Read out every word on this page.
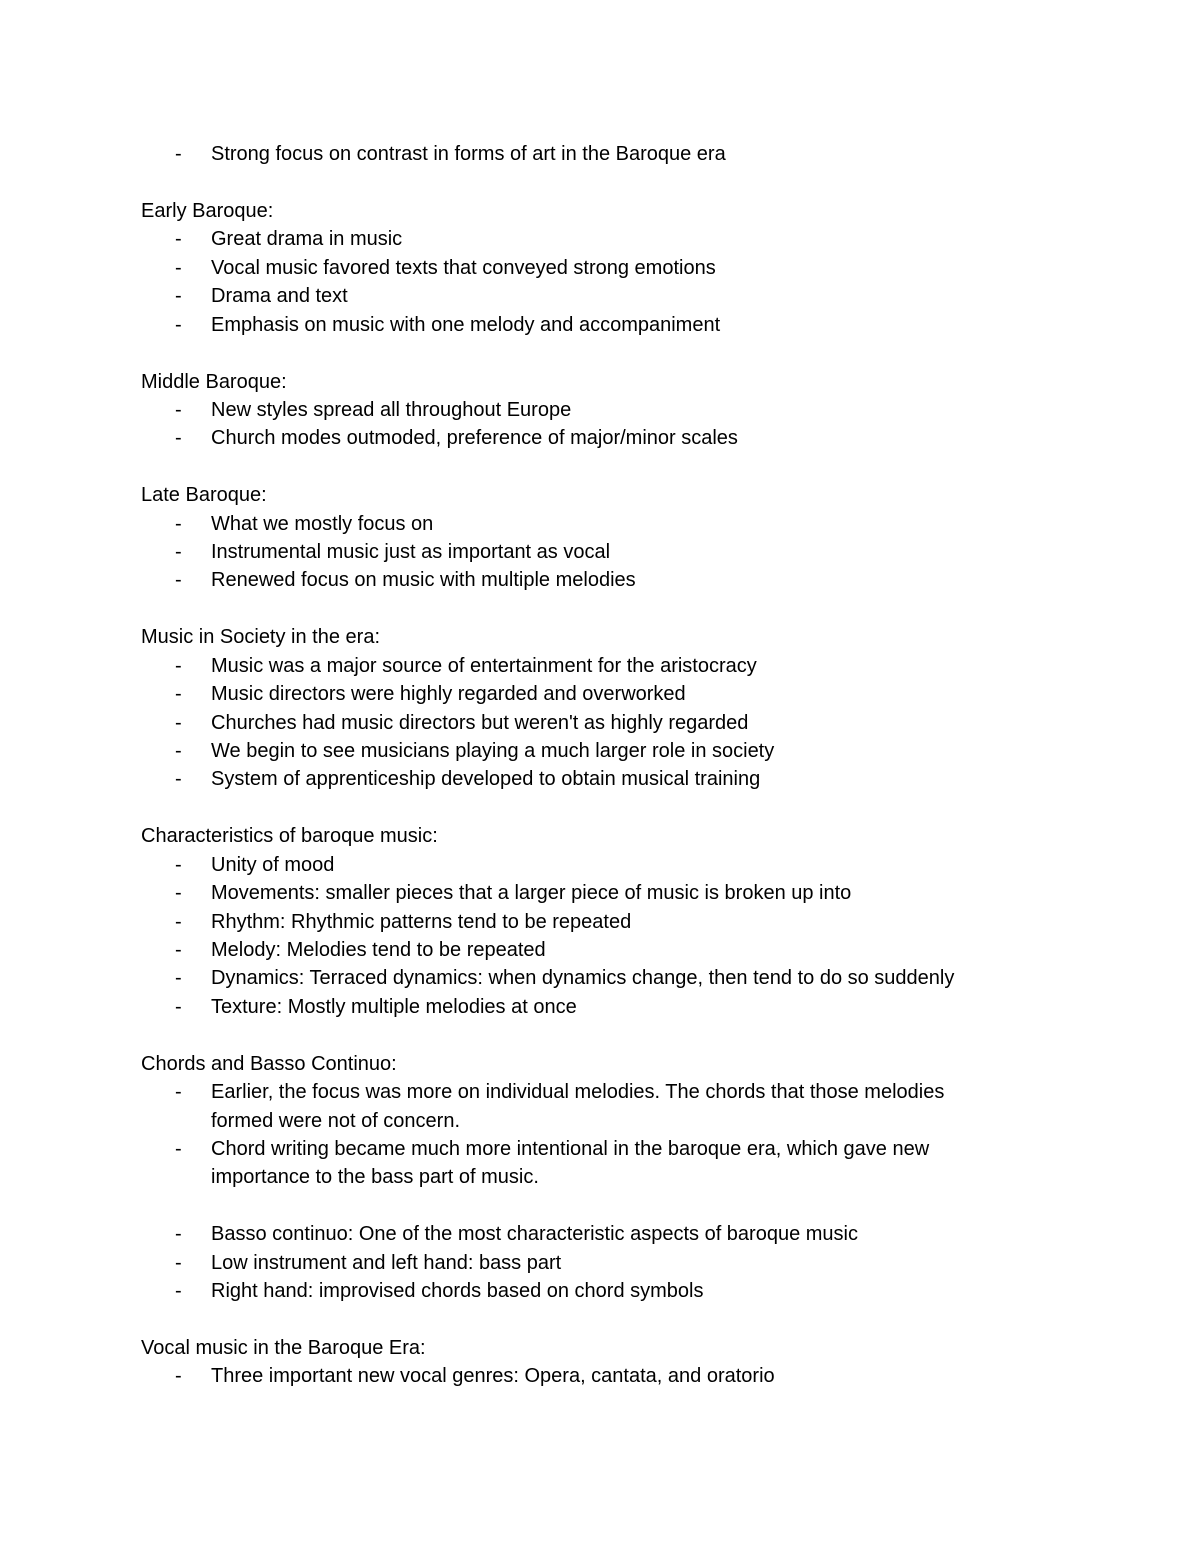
- Strong focus on contrast in forms of art in the Baroque era
Early Baroque:
- Great drama in music
- Vocal music favored texts that conveyed strong emotions
- Drama and text
- Emphasis on music with one melody and accompaniment
Middle Baroque:
- New styles spread all throughout Europe
- Church modes outmoded, preference of major/minor scales
Late Baroque:
- What we mostly focus on
- Instrumental music just as important as vocal
- Renewed focus on music with multiple melodies
Music in Society in the era:
- Music was a major source of entertainment for the aristocracy
- Music directors were highly regarded and overworked
- Churches had music directors but weren't as highly regarded
- We begin to see musicians playing a much larger role in society
- System of apprenticeship developed to obtain musical training
Characteristics of baroque music:
- Unity of mood
- Movements: smaller pieces that a larger piece of music is broken up into
- Rhythm: Rhythmic patterns tend to be repeated
- Melody: Melodies tend to be repeated
- Dynamics: Terraced dynamics: when dynamics change, then tend to do so suddenly
- Texture: Mostly multiple melodies at once
Chords and Basso Continuo:
- Earlier, the focus was more on individual melodies. The chords that those melodies
formed were not of concern.
- Chord writing became much more intentional in the baroque era, which gave new
importance to the bass part of music.
- Basso continuo: One of the most characteristic aspects of baroque music
- Low instrument and left hand: bass part
- Right hand: improvised chords based on chord symbols
Vocal music in the Baroque Era:
- Three important new vocal genres: Opera, cantata, and oratorio
